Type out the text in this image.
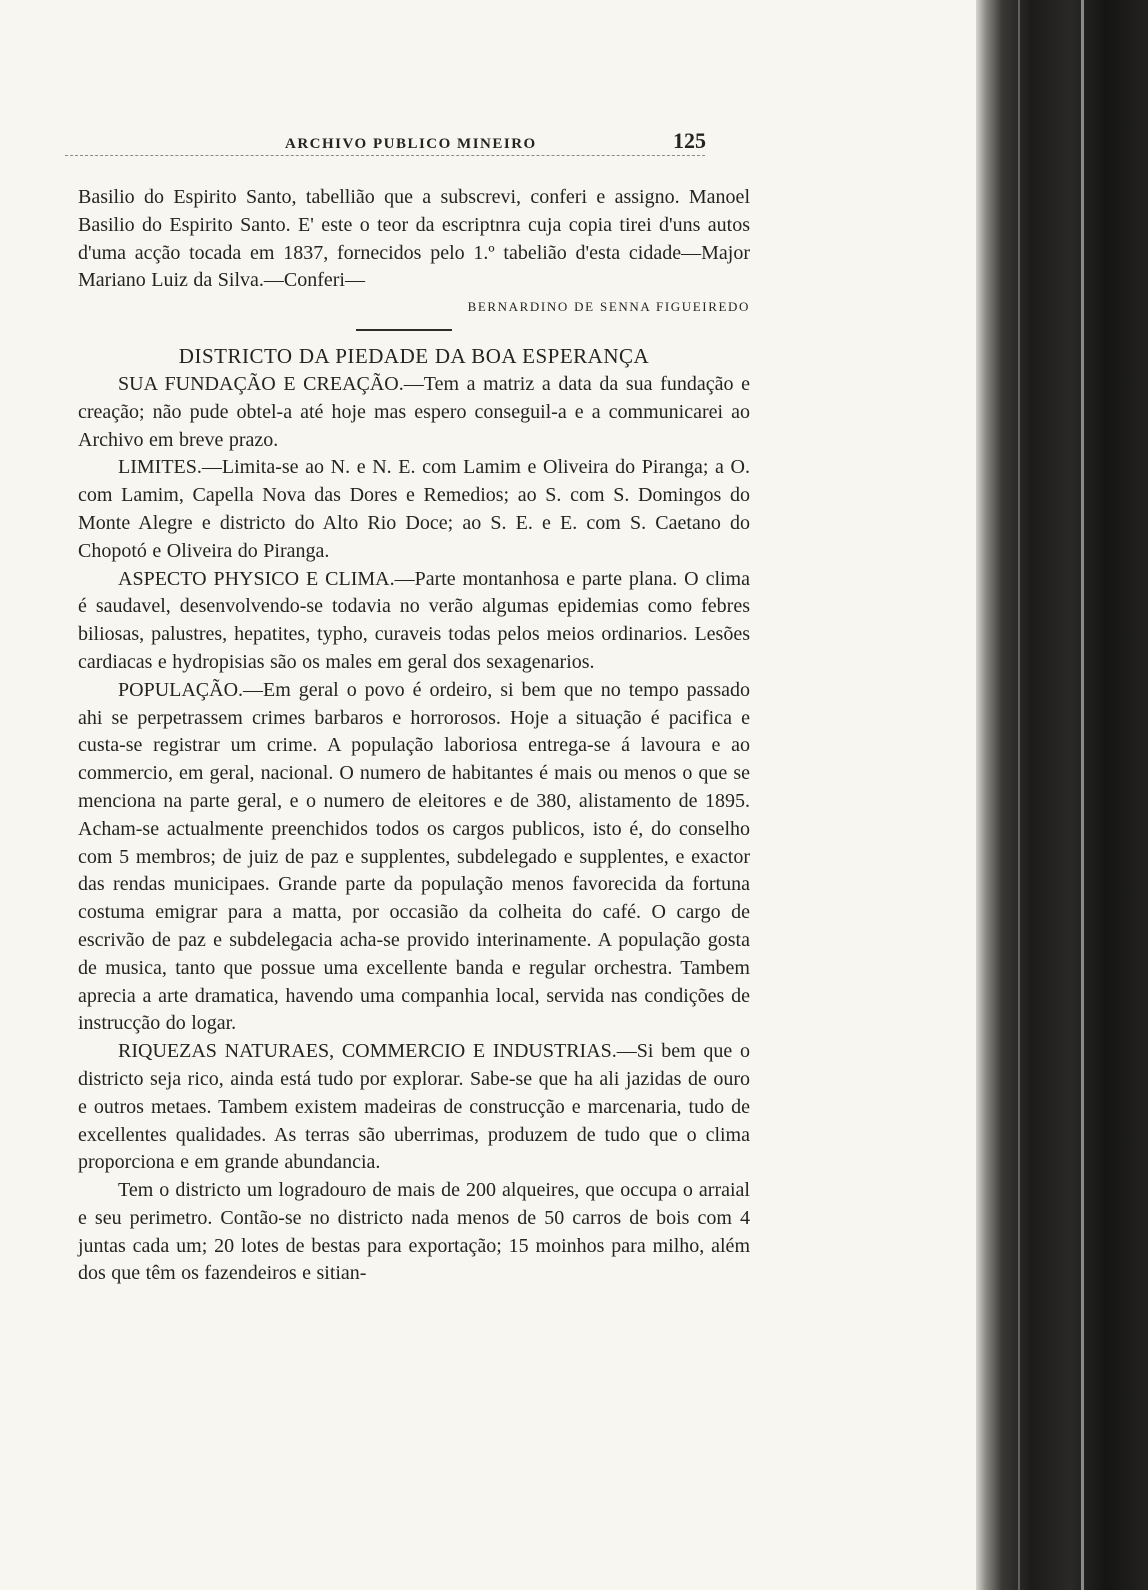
ARCHIVO PUBLICO MINEIRO	125

Basilio do Espirito Santo, tabellião que a subscrevi, conferi e assigno. Manoel Basilio do Espirito Santo. E' este o teor da escriptnra cuja copia tirei d'uns autos d'uma acção tocada em 1837, fornecidos pelo 1.º tabelião d'esta cidade—Major Mariano Luiz da Silva.—Conferi—

BERNARDINO DE SENNA FIGUEIREDO

DISTRICTO DA PIEDADE DA BOA ESPERANÇA

SUA FUNDAÇÃO E CREAÇÃO.—Tem a matriz a data da sua fundação e creação; não pude obtel-a até hoje mas espero conseguil-a e a communicarei ao Archivo em breve prazo.

LIMITES.—Limita-se ao N. e N. E. com Lamim e Oliveira do Piranga; a O. com Lamim, Capella Nova das Dores e Remedios; ao S. com S. Domingos do Monte Alegre e districto do Alto Rio Doce; ao S. E. e E. com S. Caetano do Chopotó e Oliveira do Piranga.

ASPECTO PHYSICO E CLIMA.—Parte montanhosa e parte plana. O clima é saudavel, desenvolvendo-se todavia no verão algumas epidemias como febres biliosas, palustres, hepatites, typho, curaveis todas pelos meios ordinarios. Lesões cardiacas e hydropisias são os males em geral dos sexagenarios.

POPULAÇÃO.—Em geral o povo é ordeiro, si bem que no tempo passado ahi se perpetrassem crimes barbaros e horrorosos. Hoje a situação é pacifica e custa-se registrar um crime. A população laboriosa entrega-se á lavoura e ao commercio, em geral, nacional. O numero de habitantes é mais ou menos o que se menciona na parte geral, e o numero de eleitores e de 380, alistamento de 1895. Acham-se actualmente preenchidos todos os cargos publicos, isto é, do conselho com 5 membros; de juiz de paz e supplentes, subdelegado e supplentes, e exactor das rendas municipaes. Grande parte da população menos favorecida da fortuna costuma emigrar para a matta, por occasião da colheita do café. O cargo de escrivão de paz e subdelegacia acha-se provido interinamente. A população gosta de musica, tanto que possue uma excellente banda e regular orchestra. Tambem aprecia a arte dramatica, havendo uma companhia local, servida nas condições de instrucção do logar.

RIQUEZAS NATURAES, COMMERCIO E INDUSTRIAS.—Si bem que o districto seja rico, ainda está tudo por explorar. Sabe-se que ha ali jazidas de ouro e outros metaes. Tambem existem madeiras de construcção e marcenaria, tudo de excellentes qualidades. As terras são uberrimas, produzem de tudo que o clima proporciona e em grande abundancia.

Tem o districto um logradouro de mais de 200 alqueires, que occupa o arraial e seu perimetro. Contão-se no districto nada menos de 50 carros de bois com 4 juntas cada um; 20 lotes de bestas para exportação; 15 moinhos para milho, além dos que têm os fazendeiros e sitian-
